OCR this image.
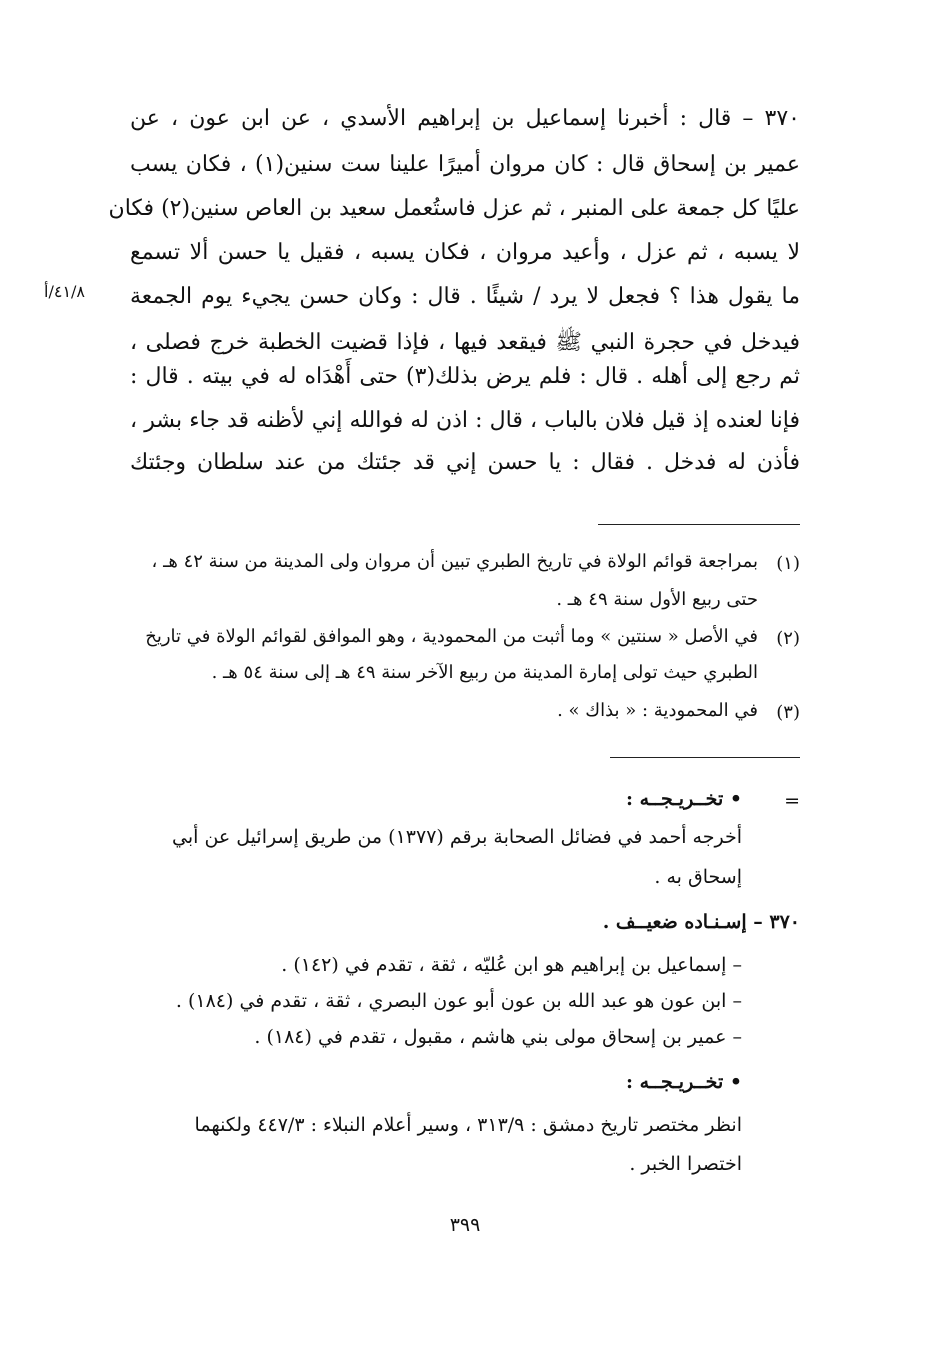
٣٧٠ – قال : أخبرنا إسماعيل بن إبراهيم الأسدي ، عن ابن عون ، عن
عمير بن إسحاق قال : كان مروان أميرًا علينا ست سنين(١) ، فكان يسب
عليًا كل جمعة على المنبر ، ثم عزل فاستُعمل سعيد بن العاص سنين(٢) فكان
لا يسبه ، ثم عزل ، وأعيد مروان ، فكان يسبه ، فقيل يا حسن ألا تسمع
ما يقول هذا ؟ فجعل لا يرد / شيئًا . قال : وكان حسن يجيء يوم الجمعة
فيدخل في حجرة النبي ﷺ فيقعد فيها ، فإذا قضيت الخطبة خرج فصلى ،
ثم رجع إلى أهله . قال : فلم يرض بذلك(٣) حتى أَهْدَاه له في بيته . قال :
فإنا لعنده إذ قيل فلان بالباب ، قال : اذن له فوالله إني لأظنه قد جاء بشر ،
فأذن له فدخل . فقال : يا حسن إني قد جئتك من عند سلطان وجئتك
٤١/٨/أ
(١)
بمراجعة قوائم الولاة في تاريخ الطبري تبين أن مروان ولى المدينة من سنة ٤٢ هـ ،
حتى ربيع الأول سنة ٤٩ هـ .
(٢)
في الأصل « سنتين » وما أثبت من المحمودية ، وهو الموافق لقوائم الولاة في تاريخ
الطبري حيث تولى إمارة المدينة من ربيع الآخر سنة ٤٩ هـ إلى سنة ٥٤ هـ .
(٣)
في المحمودية : « بذاك » .
=
• تخــريـجــه :
أخرجه أحمد في فضائل الصحابة برقم (١٣٧٧) من طريق إسرائيل عن أبي
إسحاق به .
٣٧٠ – إسـنـاده ضعيــف .
– إسماعيل بن إبراهيم هو ابن عُليّه ، ثقة ، تقدم في (١٤٢) .
– ابن عون هو عبد الله بن عون أبو عون البصري ، ثقة ، تقدم في (١٨٤) .
– عمير بن إسحاق مولى بني هاشم ، مقبول ، تقدم في (١٨٤) .
• تخــريـجــه :
انظر مختصر تاريخ دمشق : ٣١٣/٩ ، وسير أعلام النبلاء : ٤٤٧/٣ ولكنهما
اختصرا الخبر .
٣٩٩
